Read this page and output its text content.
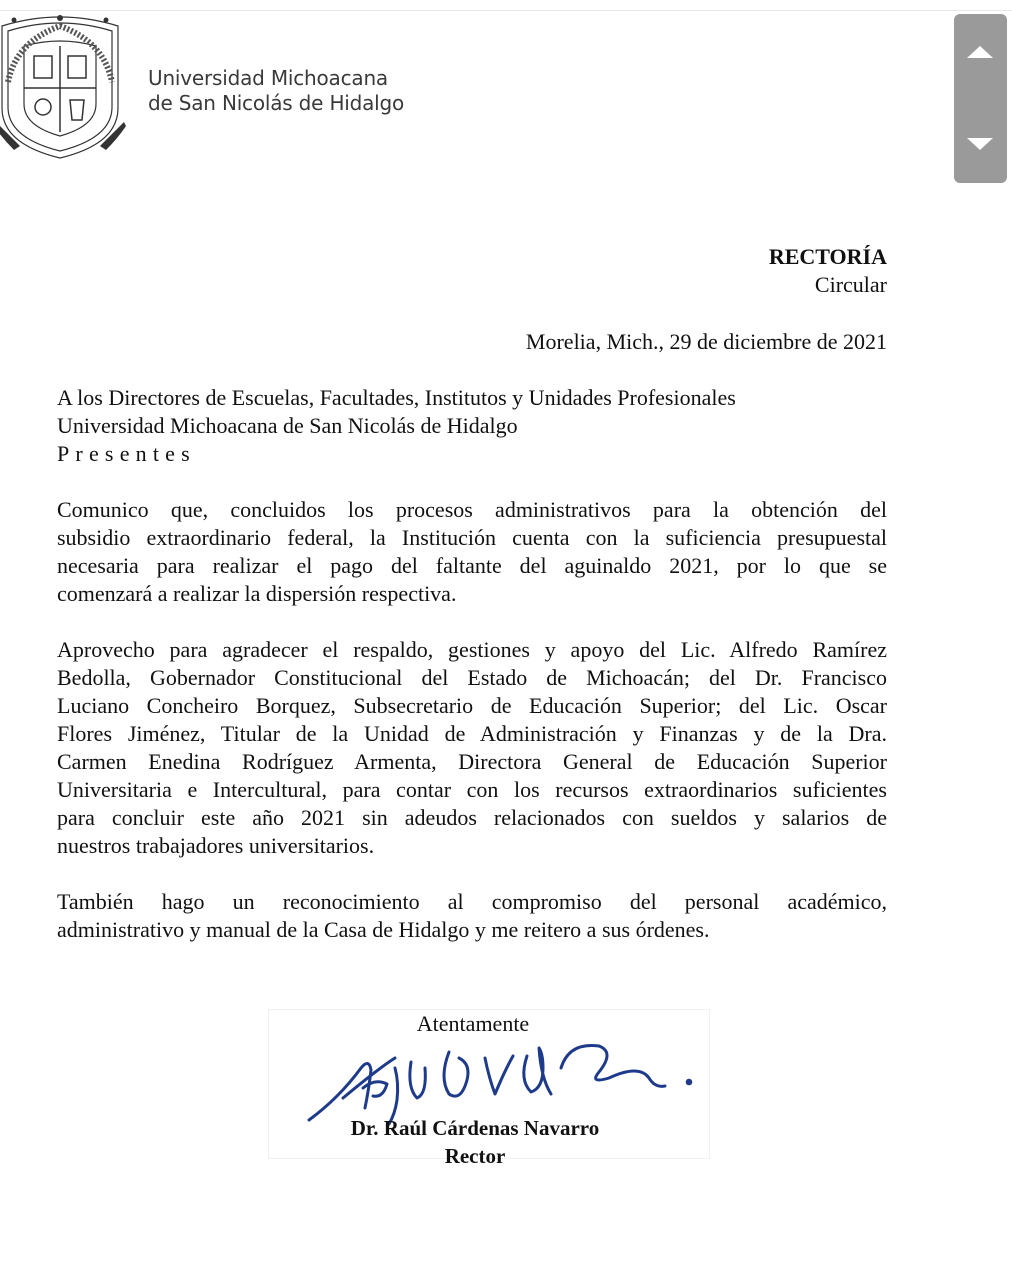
Universidad Michoacana
de San Nicolás de Hidalgo
RECTORÍA
Circular
Morelia, Mich., 29 de diciembre de 2021
A los Directores de Escuelas, Facultades, Institutos y Unidades Profesionales
Universidad Michoacana de San Nicolás de Hidalgo
Presentes
Comunico que, concluidos los procesos administrativos para la obtención del
subsidio extraordinario federal, la Institución cuenta con la suficiencia presupuestal
necesaria para realizar el pago del faltante del aguinaldo 2021, por lo que se
comenzará a realizar la dispersión respectiva.
Aprovecho para agradecer el respaldo, gestiones y apoyo del Lic. Alfredo Ramírez
Bedolla, Gobernador Constitucional del Estado de Michoacán; del Dr. Francisco
Luciano Concheiro Borquez, Subsecretario de Educación Superior; del Lic. Oscar
Flores Jiménez, Titular de la Unidad de Administración y Finanzas y de la Dra.
Carmen Enedina Rodríguez Armenta, Directora General de Educación Superior
Universitaria e Intercultural, para contar con los recursos extraordinarios suficientes
para concluir este año 2021 sin adeudos relacionados con sueldos y salarios de
nuestros trabajadores universitarios.
También hago un reconocimiento al compromiso del personal académico,
administrativo y manual de la Casa de Hidalgo y me reitero a sus órdenes.
Atentamente
Dr. Raúl Cárdenas Navarro
Rector
